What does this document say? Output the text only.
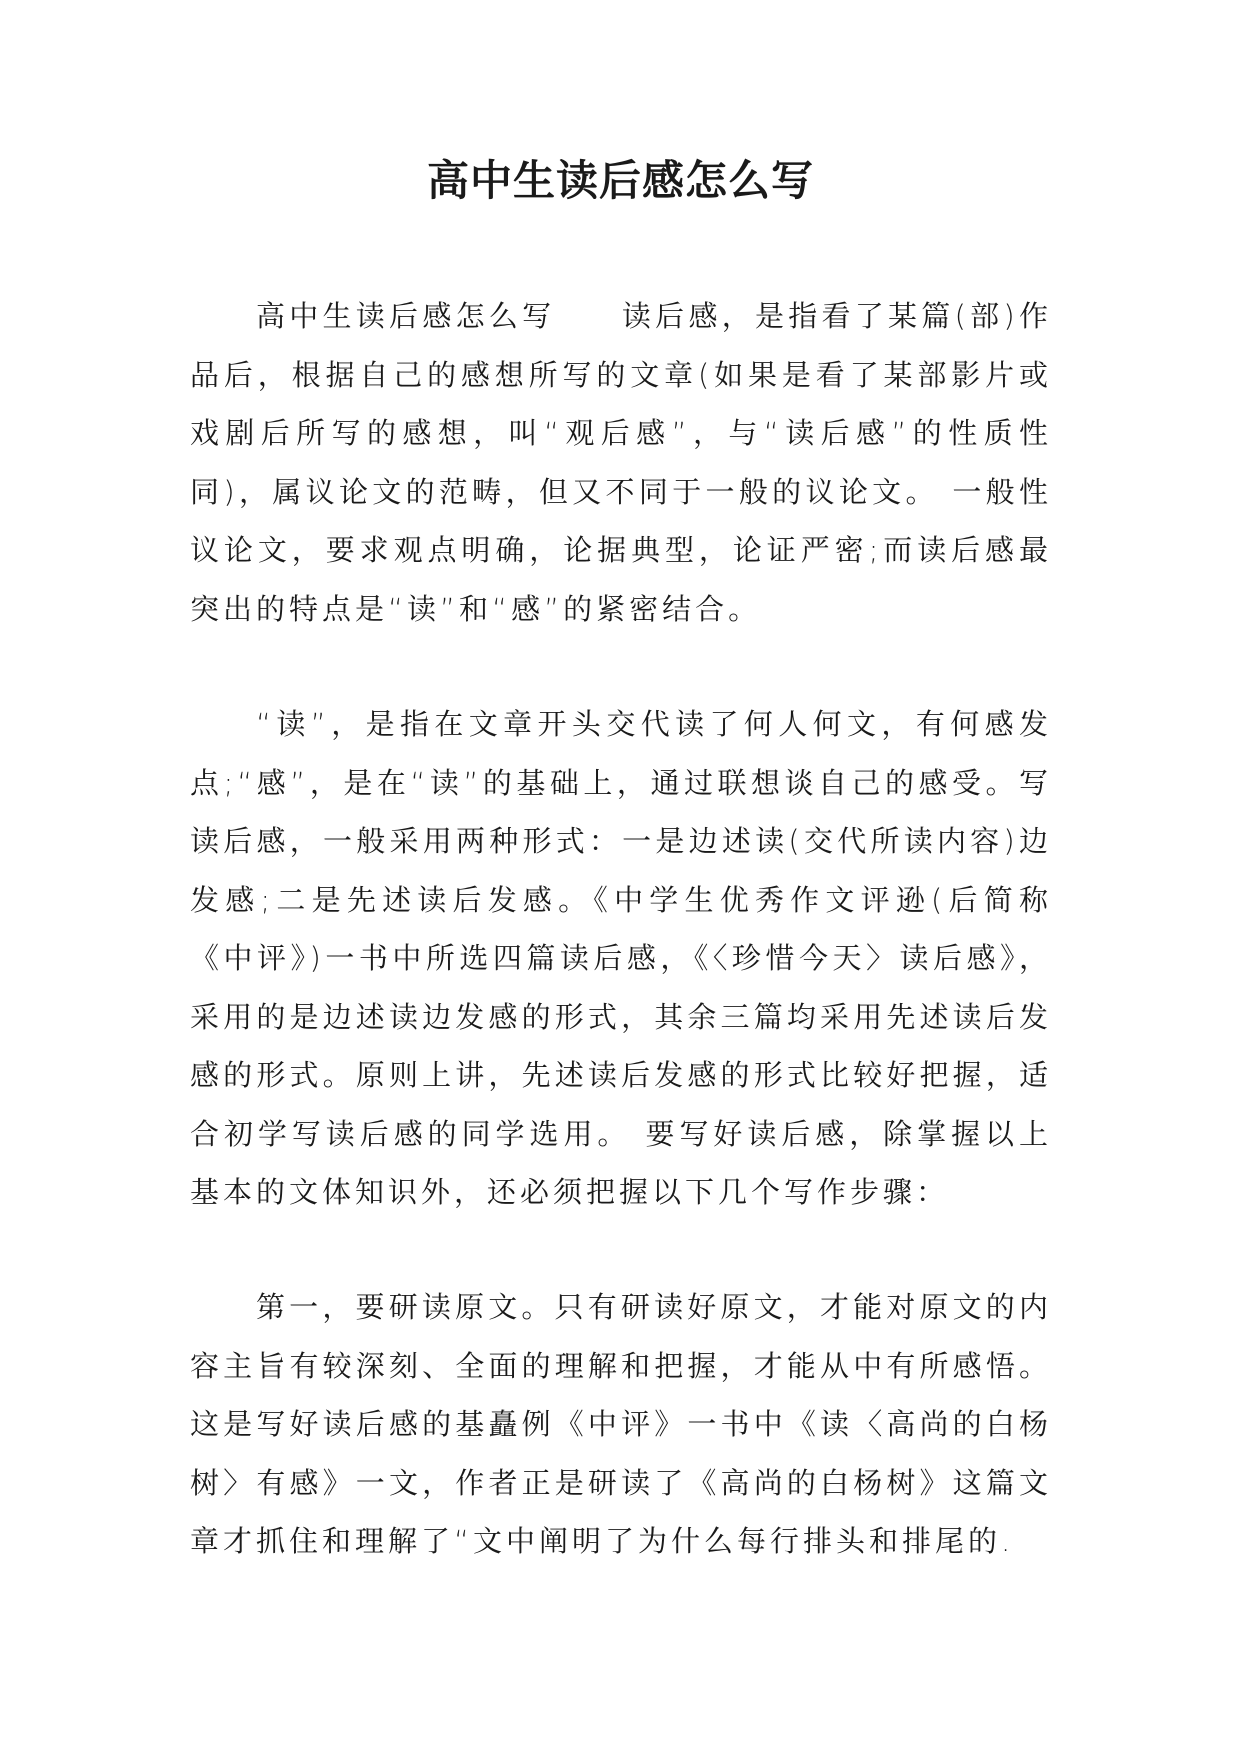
高中生读后感怎么写

高中生读后感怎么写　　读后感，是指看了某篇(部)作品后，根据自己的感想所写的文章(如果是看了某部影片或戏剧后所写的感想，叫“观后感”，与“读后感”的性质性同)，属议论文的范畴，但又不同于一般的议论文。 一般性议论文，要求观点明确，论据典型，论证严密;而读后感最突出的特点是“读”和“感”的紧密结合。

“读”，是指在文章开头交代读了何人何文，有何感发点;“感”，是在“读”的基础上，通过联想谈自己的感受。写读后感，一般采用两种形式：一是边述读(交代所读内容)边发感;二是先述读后发感。《中学生优秀作文评逊(后简称《中评》)一书中所选四篇读后感，《〈珍惜今天〉读后感》，采用的是边述读边发感的形式，其余三篇均采用先述读后发感的形式。原则上讲，先述读后发感的形式比较好把握，适合初学写读后感的同学选用。 要写好读后感，除掌握以上基本的文体知识外，还必须把握以下几个写作步骤：

第一，要研读原文。只有研读好原文，才能对原文的内容主旨有较深刻、全面的理解和把握，才能从中有所感悟。这是写好读后感的基矗例《中评》一书中《读〈高尚的白杨树〉有感》一文，作者正是研读了《高尚的白杨树》这篇文章才抓住和理解了“文中阐明了为什么每行排头和排尾的.
